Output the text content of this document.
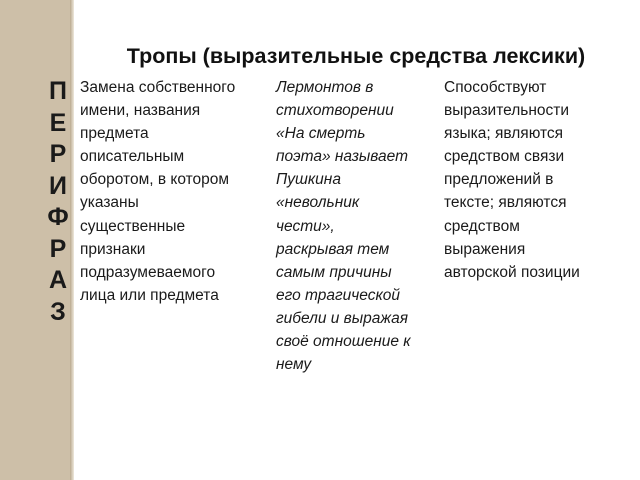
П
Е
Р
И
Ф
Р
А
З
Тропы (выразительные средства лексики)
Замена собственного
имени, названия
предмета
описательным
оборотом, в котором
указаны
существенные
признаки
подразумеваемого
лица или предмета
Лермонтов в
стихотворении
«На смерть
поэта» называет
Пушкина
«невольник
чести»,
раскрывая тем
самым причины
его трагической
гибели и выражая
своё отношение к
нему
Способствуют
выразительности
языка; являются
средством связи
предложений в
тексте; являются
средством
выражения
авторской позиции
